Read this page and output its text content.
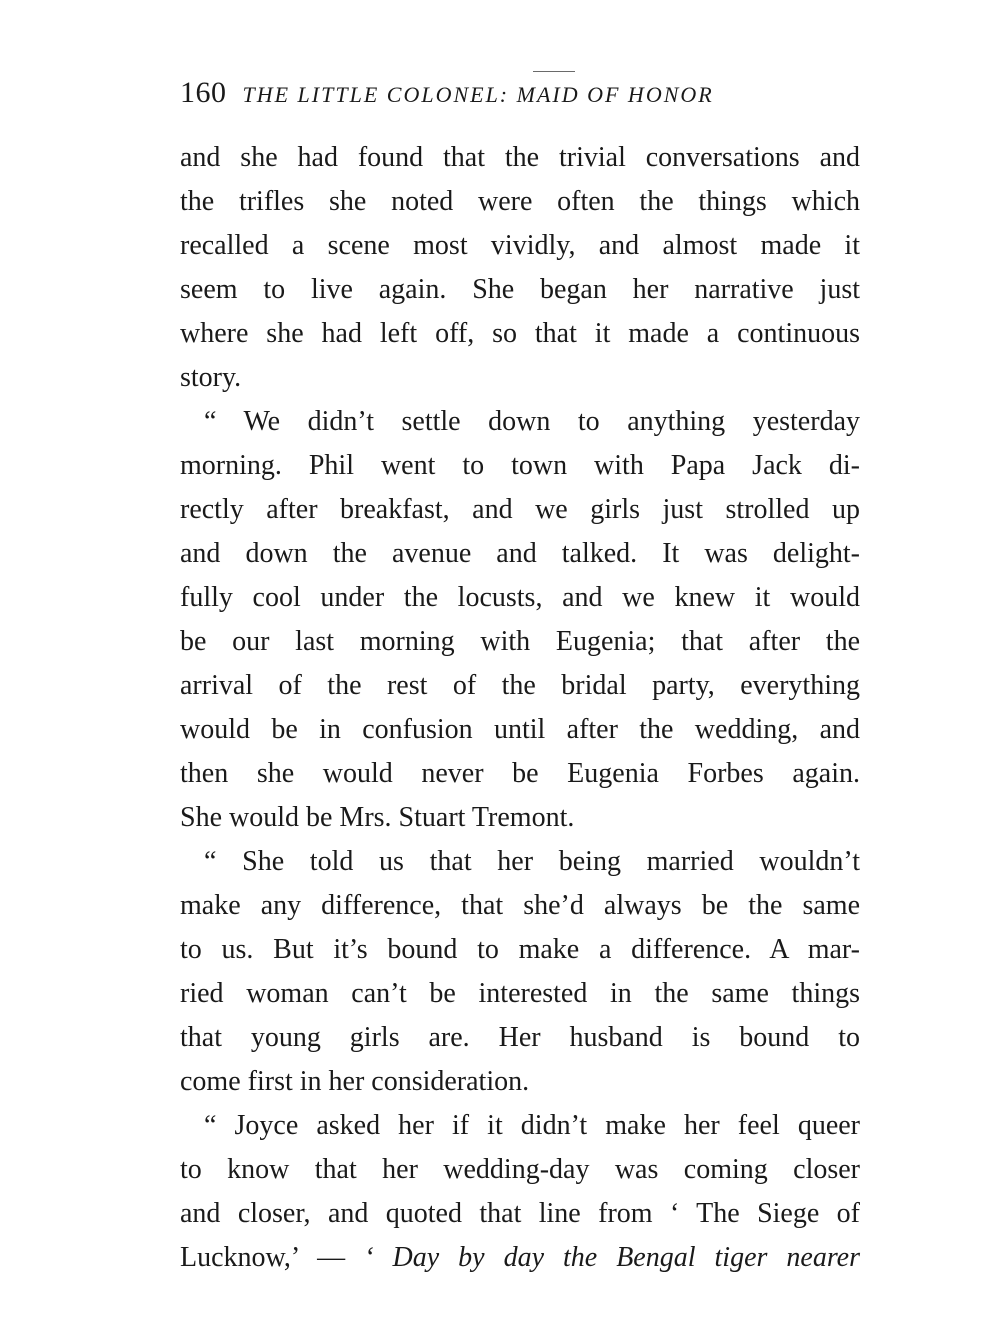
160 THE LITTLE COLONEL: MAID OF HONOR
and she had found that the trivial conversations and
the trifles she noted were often the things which
recalled a scene most vividly, and almost made it
seem to live again. She began her narrative just
where she had left off, so that it made a continuous
story.
“ We didn’t settle down to anything yesterday
morning. Phil went to town with Papa Jack di-
rectly after breakfast, and we girls just strolled up
and down the avenue and talked. It was delight-
fully cool under the locusts, and we knew it would
be our last morning with Eugenia; that after the
arrival of the rest of the bridal party, everything
would be in confusion until after the wedding, and
then she would never be Eugenia Forbes again.
She would be Mrs. Stuart Tremont.
“ She told us that her being married wouldn’t
make any difference, that she’d always be the same
to us. But it’s bound to make a difference. A mar-
ried woman can’t be interested in the same things
that young girls are. Her husband is bound to
come first in her consideration.
“ Joyce asked her if it didn’t make her feel queer
to know that her wedding-day was coming closer
and closer, and quoted that line from ‘ The Siege of
Lucknow,’ — ‘ Day by day the Bengal tiger nearer
